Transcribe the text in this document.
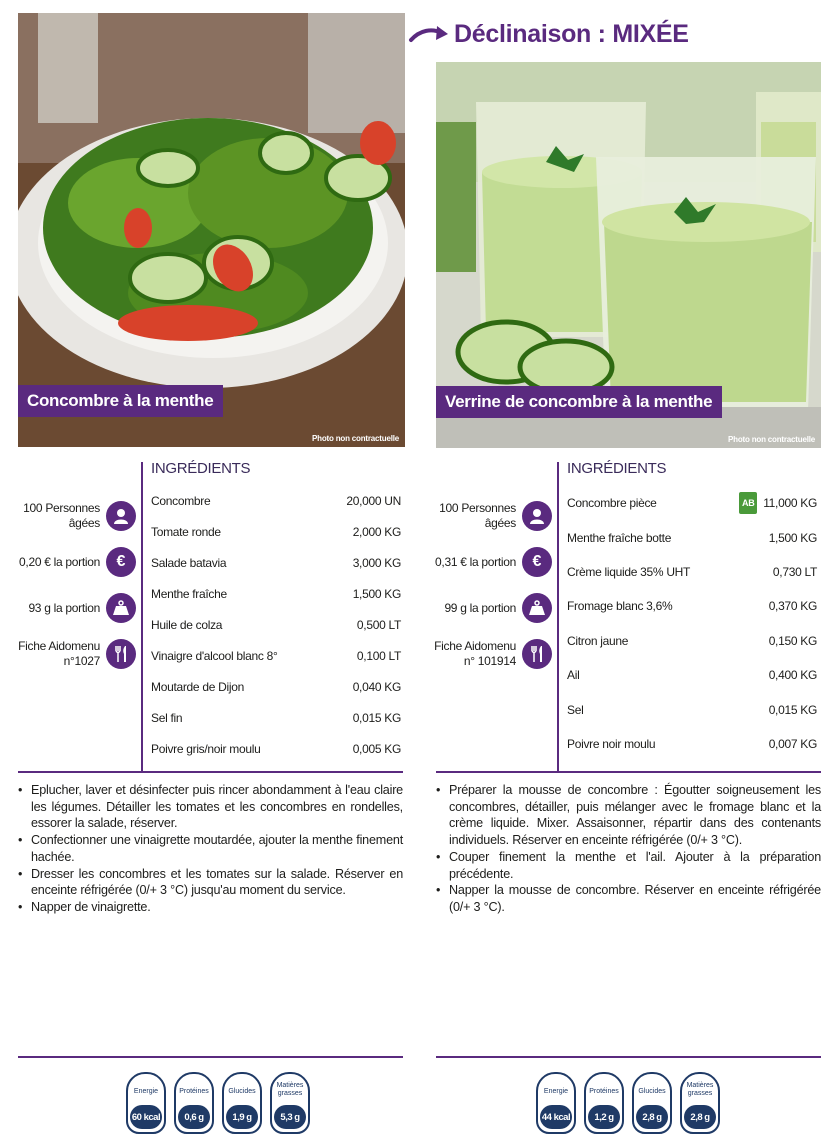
Déclinaison : MIXÉE
Concombre à la menthe
Photo non contractuelle
100 Personnes âgées
0,20 € la portion	€
93 g la portion
Fiche Aidomenu n°1027
INGRÉDIENTS
Concombre	20,000 UN
Tomate ronde	2,000 KG
Salade batavia	3,000 KG
Menthe fraîche	1,500 KG
Huile de colza	0,500 LT
Vinaigre d'alcool blanc 8°	0,100 LT
Moutarde de Dijon	0,040 KG
Sel fin	0,015 KG
Poivre gris/noir moulu	0,005 KG
• Eplucher, laver et désinfecter puis rincer abondamment à l'eau claire les légumes. Détailler les tomates et les concombres en rondelles, essorer la salade, réserver.
• Confectionner une vinaigrette moutardée, ajouter la menthe finement hachée.
• Dresser les concombres et les tomates sur la salade. Réserver en enceinte réfrigérée (0/+ 3 °C) jusqu'au moment du service.
• Napper de vinaigrette.
Energie
60 kcal
Protéines
0,6 g
Glucides
1,9 g
Matières grasses
5,3 g
Verrine de concombre à la menthe
Photo non contractuelle
100 Personnes âgées
0,31 € la portion	€
99 g la portion
Fiche Aidomenu n° 101914
INGRÉDIENTS
Concombre pièce	AB 11,000 KG
Menthe fraîche botte	1,500 KG
Crème liquide 35% UHT	0,730 LT
Fromage blanc 3,6%	0,370 KG
Citron jaune	0,150 KG
Ail	0,400 KG
Sel	0,015 KG
Poivre noir moulu	0,007 KG
• Préparer la mousse de concombre : Égoutter soigneusement les concombres, détailler, puis mélanger avec le fromage blanc et la crème liquide. Mixer. Assaisonner, répartir dans des contenants individuels. Réserver en enceinte réfrigérée (0/+ 3 °C).
• Couper finement la menthe et l'ail. Ajouter à la préparation précédente.
• Napper la mousse de concombre. Réserver en enceinte réfrigérée (0/+ 3 °C).
Energie
44 kcal
Protéines
1,2 g
Glucides
2,8 g
Matières grasses
2,8 g
